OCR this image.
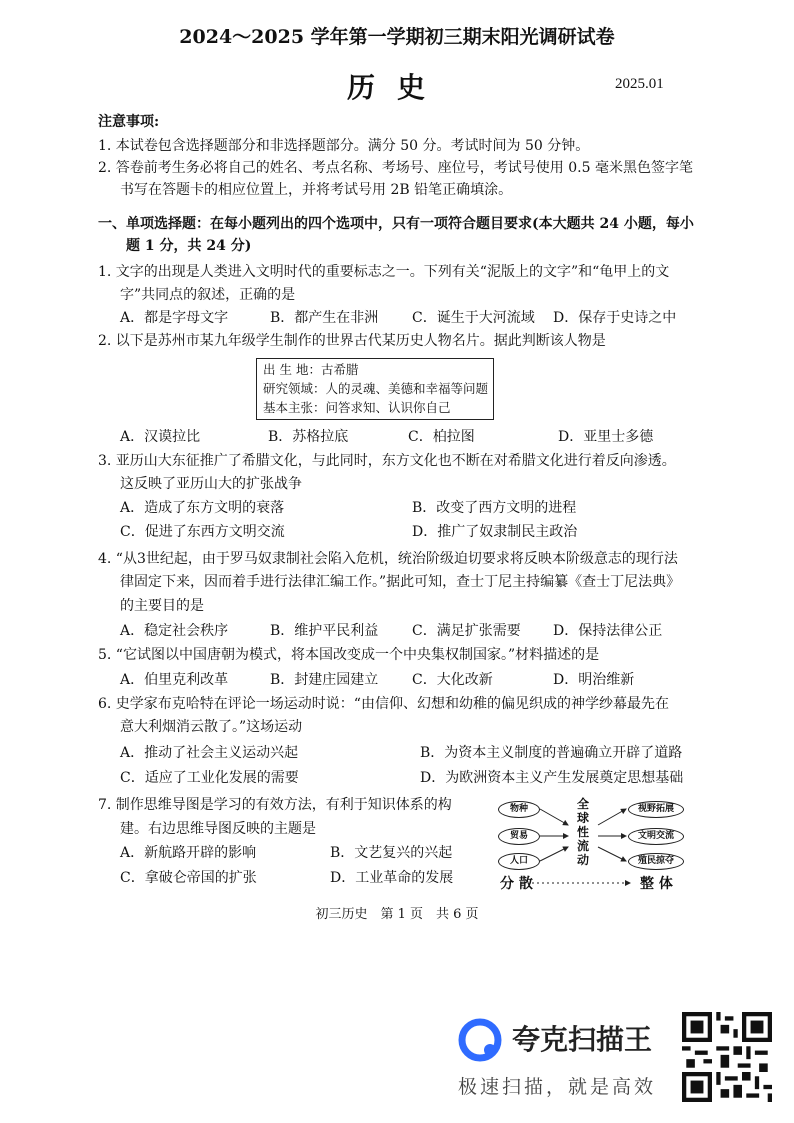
2024～2025 学年第一学期初三期末阳光调研试卷
历史	2025.01
注意事项:
1. 本试卷包含选择题部分和非选择题部分。满分 50 分。考试时间为 50 分钟。
2. 答卷前考生务必将自己的姓名、考点名称、考场号、座位号，考试号使用 0.5 毫米黑色签字笔
书写在答题卡的相应位置上，并将考试号用 2B 铅笔正确填涂。
一、单项选择题：在每小题列出的四个选项中，只有一项符合题目要求(本大题共 24 小题，每小
题 1 分，共 24 分)
1. 文字的出现是人类进入文明时代的重要标志之一。下列有关“泥版上的文字”和“龟甲上的文
字”共同点的叙述，正确的是
A．都是字母文字	B．都产生在非洲 C．诞生于大河流域 D．保存于史诗之中
2. 以下是苏州市某九年级学生制作的世界古代某历史人物名片。据此判断该人物是
出 生 地：古希腊
研究领域：人的灵魂、美德和幸福等问题
基本主张：问答求知、认识你自己
A．汉谟拉比	B．苏格拉底	C．柏拉图	D．亚里士多德
3. 亚历山大东征推广了希腊文化，与此同时，东方文化也不断在对希腊文化进行着反向渗透。
这反映了亚历山大的扩张战争
A．造成了东方文明的衰落	B．改变了西方文明的进程
C．促进了东西方文明交流	D．推广了奴隶制民主政治
4. “从3世纪起，由于罗马奴隶制社会陷入危机，统治阶级迫切要求将反映本阶级意志的现行法
律固定下来，因而着手进行法律汇编工作。”据此可知，查士丁尼主持编纂《查士丁尼法典》
的主要目的是
A．稳定社会秩序	B．维护平民利益 C．满足扩张需要 D．保持法律公正
5. “它试图以中国唐朝为模式，将本国改变成一个中央集权制国家。”材料描述的是
A．伯里克利改革	B．封建庄园建立 C．大化改新	D．明治维新
6. 史学家布克哈特在评论一场运动时说：“由信仰、幻想和幼稚的偏见织成的神学纱幕最先在
意大利烟消云散了。”这场运动
A．推动了社会主义运动兴起	B．为资本主义制度的普遍确立开辟了道路
C．适应了工业化发展的需要	D．为欧洲资本主义产生发展奠定思想基础
7. 制作思维导图是学习的有效方法，有利于知识体系的构
建。右边思维导图反映的主题是
A．新航路开辟的影响	B．文艺复兴的兴起
C．拿破仑帝国的扩张	D．工业革命的发展
物种
贸易
人口
全
球
性
流
动
视野拓展
文明交流
殖民掠夺
分 散	整 体
初三历史　第 1 页　共 6 页
夸克扫描王
极速扫描，就是高效
